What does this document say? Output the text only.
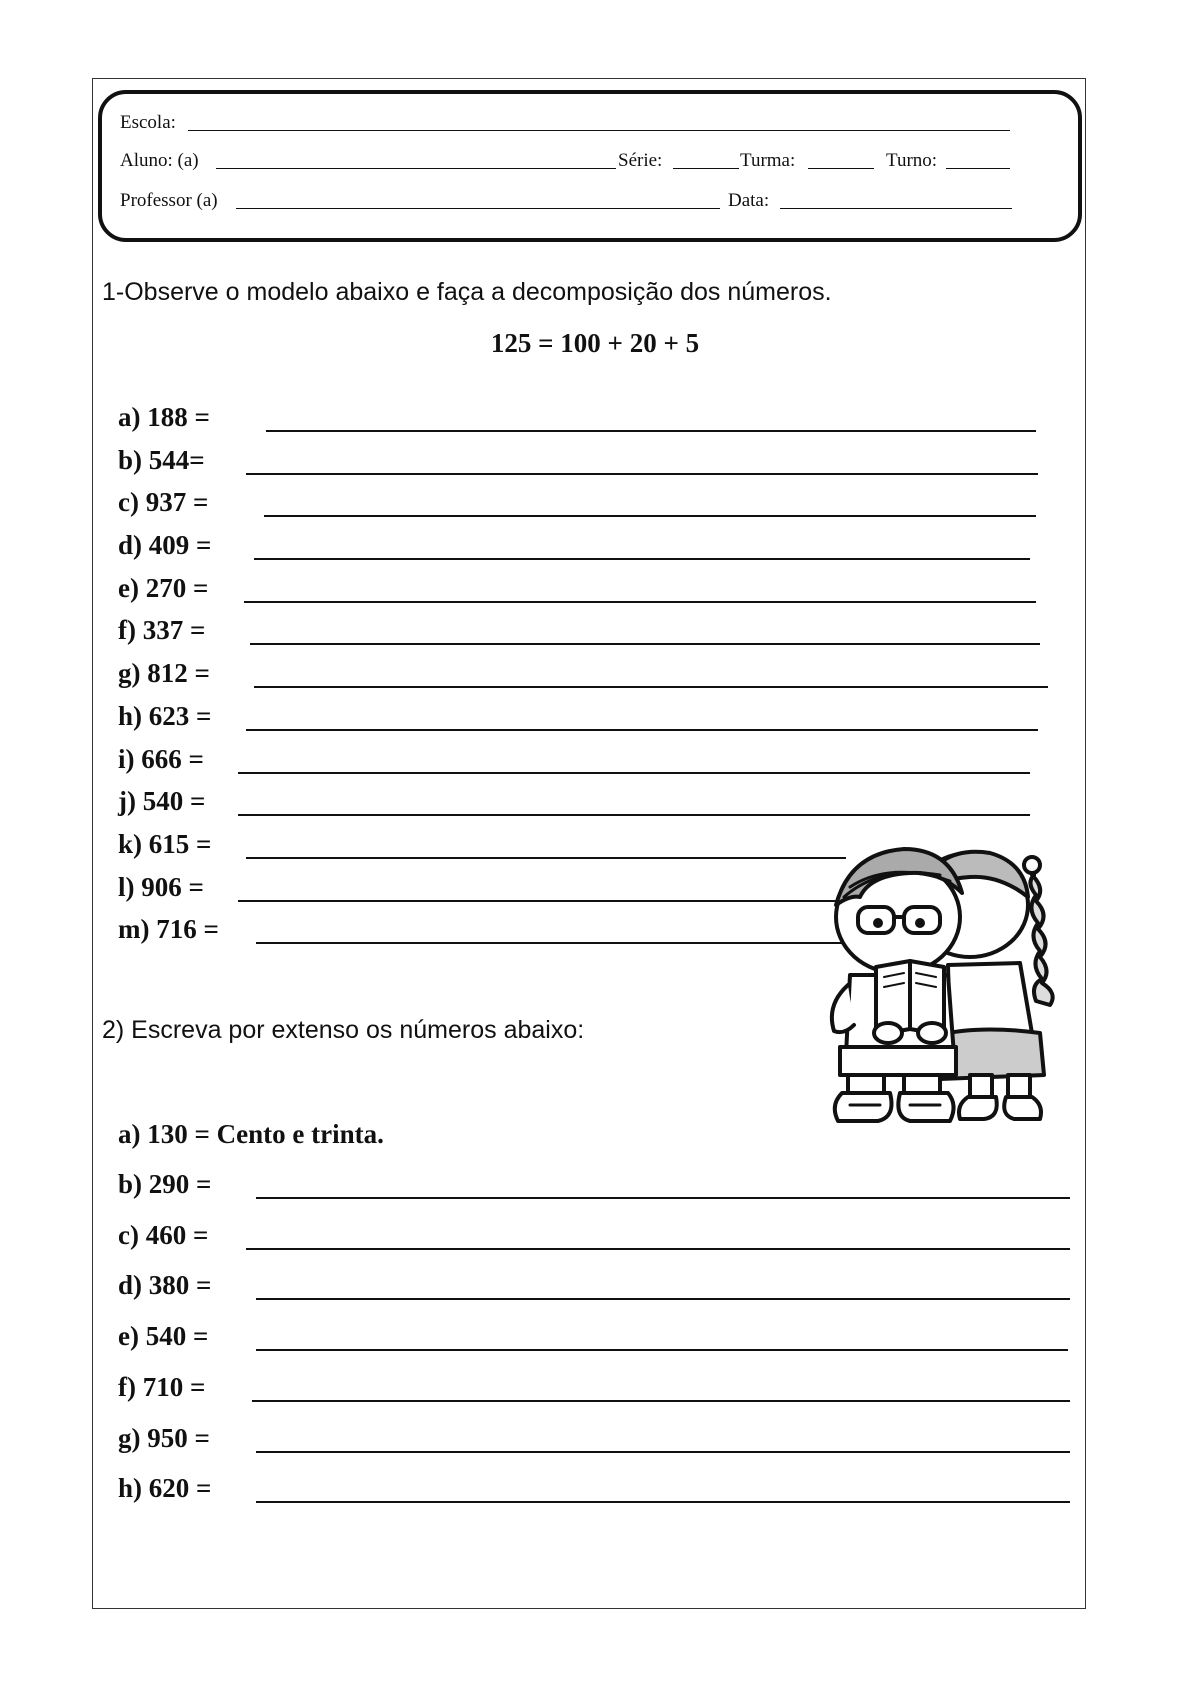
Escola:
Aluno: (a)	Série:	Turma:	Turno:
Professor (a)	Data:
1-Observe o modelo abaixo e faça a decomposição dos números.
125 = 100 + 20 + 5
a) 188 =
b) 544=
c) 937 =
d) 409 =
e) 270 =
f) 337 =
g) 812 =
h) 623 =
i) 666 =
j) 540 =
k) 615 =
l) 906 =
m) 716 =
2) Escreva por extenso os números abaixo:
a) 130 = Cento e trinta.
b) 290 =
c) 460 =
d) 380 =
e) 540 =
f) 710 =
g) 950 =
h) 620 =
